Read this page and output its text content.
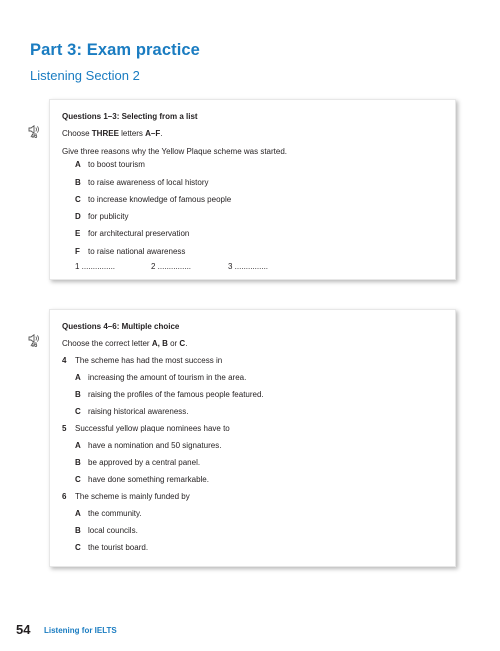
Part 3: Exam practice
Listening Section 2
46
Questions 1–3: Selecting from a list
Choose THREE letters A–F.
Give three reasons why the Yellow Plaque scheme was started.
A to boost tourism
B to raise awareness of local history
C to increase knowledge of famous people
D for publicity
E for architectural preservation
F to raise national awareness
1 ...............	2 ...............	3 ...............
46
Questions 4–6: Multiple choice
Choose the correct letter A, B or C.
4 The scheme has had the most success in
A increasing the amount of tourism in the area.
B raising the profiles of the famous people featured.
C raising historical awareness.
5 Successful yellow plaque nominees have to
A have a nomination and 50 signatures.
B be approved by a central panel.
C have done something remarkable.
6 The scheme is mainly funded by
A the community.
B local councils.
C the tourist board.
54 Listening for IELTS
